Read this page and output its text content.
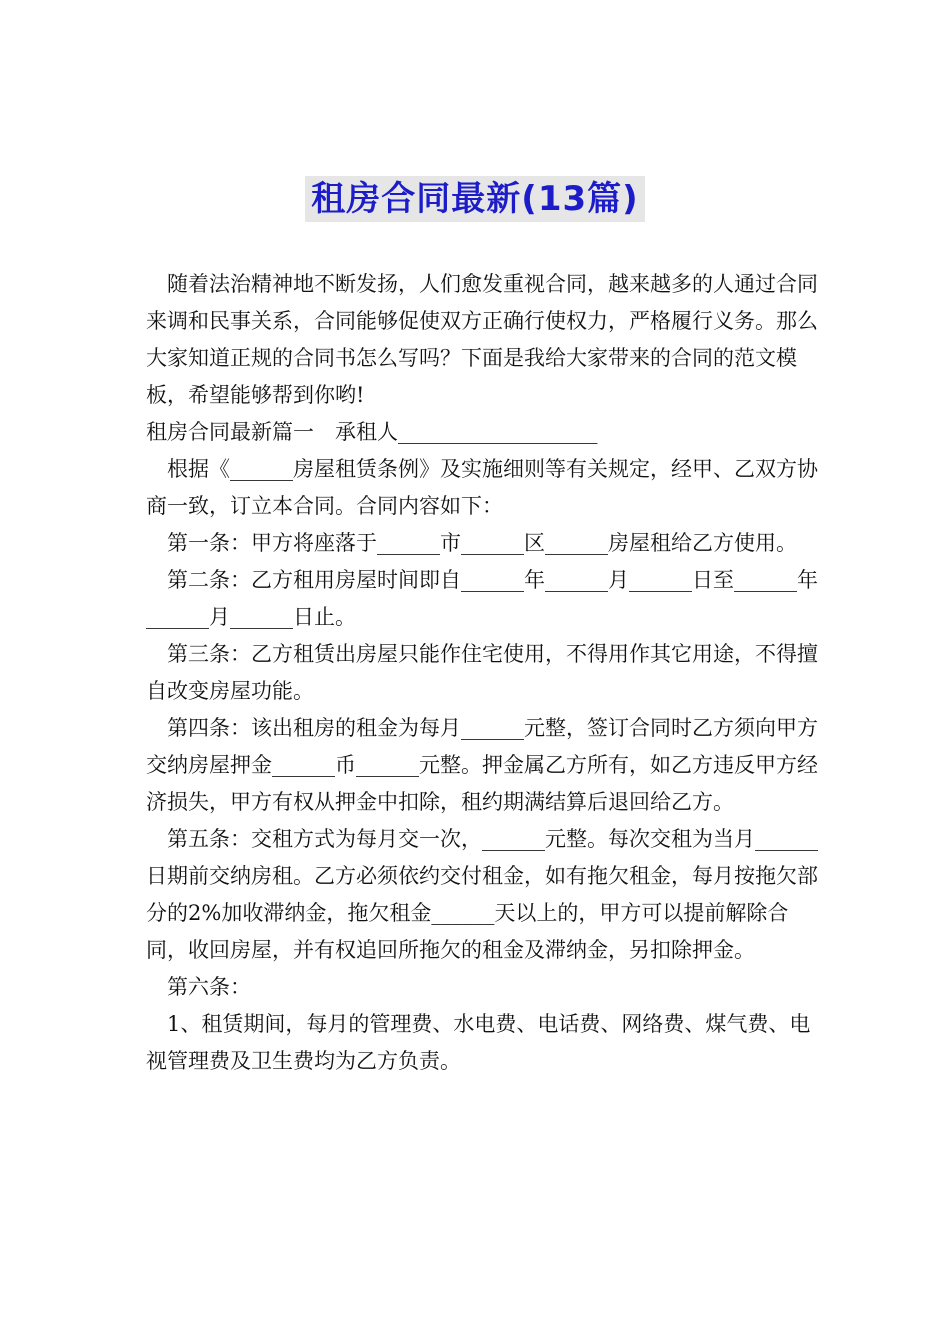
租房合同最新(13篇)

随着法治精神地不断发扬，人们愈发重视合同，越来越多的人通过合同来调和民事关系，合同能够促使双方正确行使权力，严格履行义务。那么大家知道正规的合同书怎么写吗？下面是我给大家带来的合同的范文模板，希望能够帮到你哟!

租房合同最新篇一　承租人___________________

根据《______房屋租赁条例》及实施细则等有关规定，经甲、乙双方协商一致，订立本合同。合同内容如下：

第一条：甲方将座落于______市______区______房屋租给乙方使用。

第二条：乙方租用房屋时间即自______年______月______日至______年______月______日止。

第三条：乙方租赁出房屋只能作住宅使用，不得用作其它用途，不得擅自改变房屋功能。

第四条：该出租房的租金为每月______元整，签订合同时乙方须向甲方交纳房屋押金______币______元整。押金属乙方所有，如乙方违反甲方经济损失，甲方有权从押金中扣除，租约期满结算后退回给乙方。

第五条：交租方式为每月交一次，______元整。每次交租为当月______日期前交纳房租。乙方必须依约交付租金，如有拖欠租金，每月按拖欠部分的2%加收滞纳金，拖欠租金______天以上的，甲方可以提前解除合同，收回房屋，并有权追回所拖欠的租金及滞纳金，另扣除押金。

第六条：

1、租赁期间，每月的管理费、水电费、电话费、网络费、煤气费、电视管理费及卫生费均为乙方负责。
